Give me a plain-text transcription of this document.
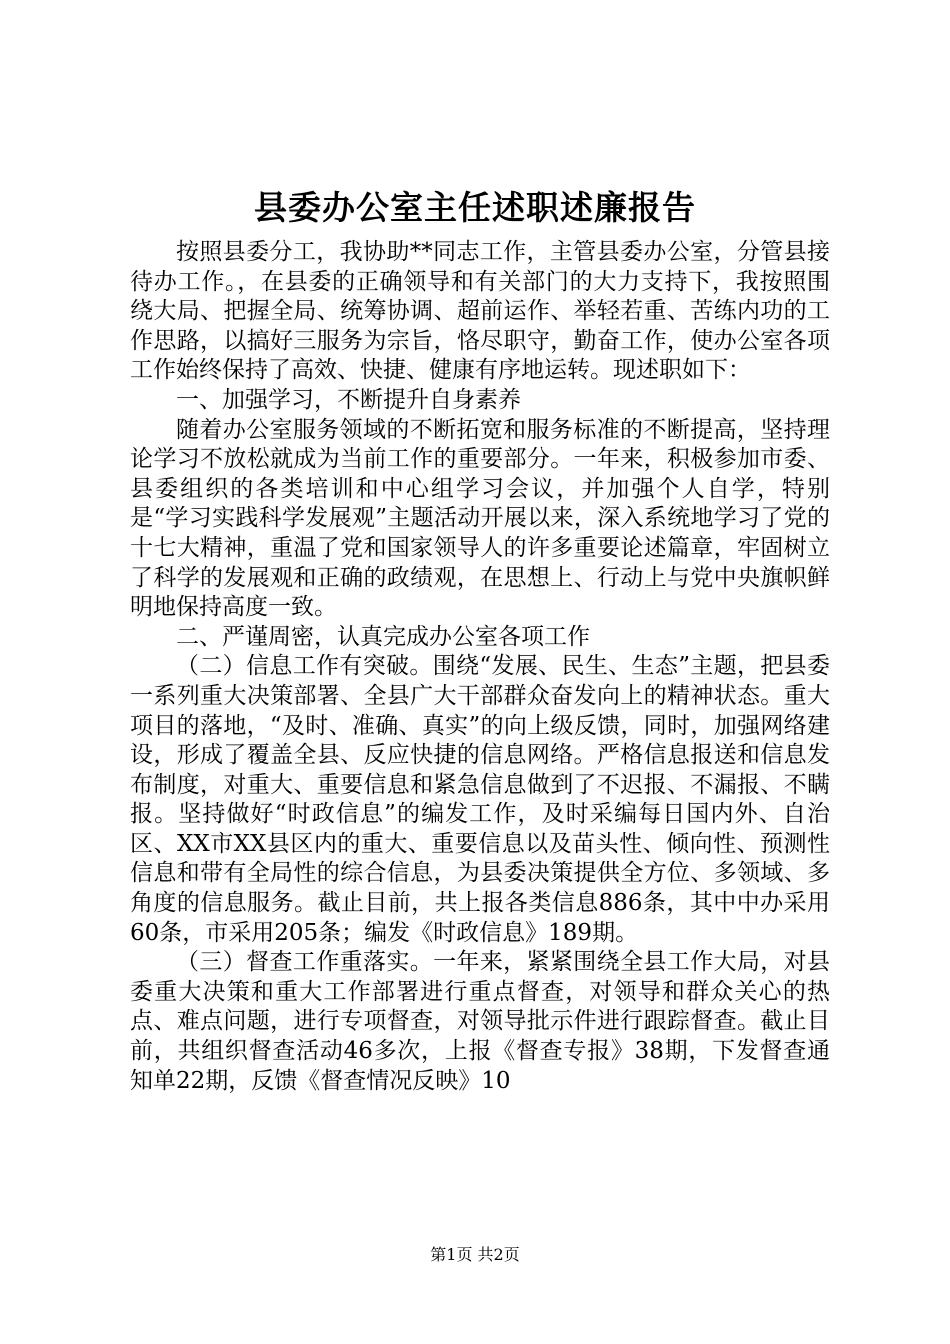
县委办公室主任述职述廉报告

按照县委分工，我协助**同志工作，主管县委办公室，分管县接待办工作。，在县委的正确领导和有关部门的大力支持下，我按照围绕大局、把握全局、统筹协调、超前运作、举轻若重、苦练内功的工作思路，以搞好三服务为宗旨，恪尽职守，勤奋工作，使办公室各项工作始终保持了高效、快捷、健康有序地运转。现述职如下：

一、加强学习，不断提升自身素养

随着办公室服务领域的不断拓宽和服务标准的不断提高，坚持理论学习不放松就成为当前工作的重要部分。一年来，积极参加市委、县委组织的各类培训和中心组学习会议，并加强个人自学，特别是“学习实践科学发展观”主题活动开展以来，深入系统地学习了党的十七大精神，重温了党和国家领导人的许多重要论述篇章，牢固树立了科学的发展观和正确的政绩观，在思想上、行动上与党中央旗帜鲜明地保持高度一致。

二、严谨周密，认真完成办公室各项工作

（二）信息工作有突破。围绕“发展、民生、生态”主题，把县委一系列重大决策部署、全县广大干部群众奋发向上的精神状态。重大项目的落地，“及时、准确、真实”的向上级反馈，同时，加强网络建设，形成了覆盖全县、反应快捷的信息网络。严格信息报送和信息发布制度，对重大、重要信息和紧急信息做到了不迟报、不漏报、不瞒报。坚持做好“时政信息”的编发工作，及时采编每日国内外、自治区、XX市XX县区内的重大、重要信息以及苗头性、倾向性、预测性信息和带有全局性的综合信息，为县委决策提供全方位、多领域、多角度的信息服务。截止目前，共上报各类信息886条，其中中办采用60条，市采用205条；编发《时政信息》189期。

（三）督查工作重落实。一年来，紧紧围绕全县工作大局，对县委重大决策和重大工作部署进行重点督查，对领导和群众关心的热点、难点问题，进行专项督查，对领导批示件进行跟踪督查。截止目前，共组织督查活动46多次，上报《督查专报》38期，下发督查通知单22期，反馈《督查情况反映》10

第1页 共2页
